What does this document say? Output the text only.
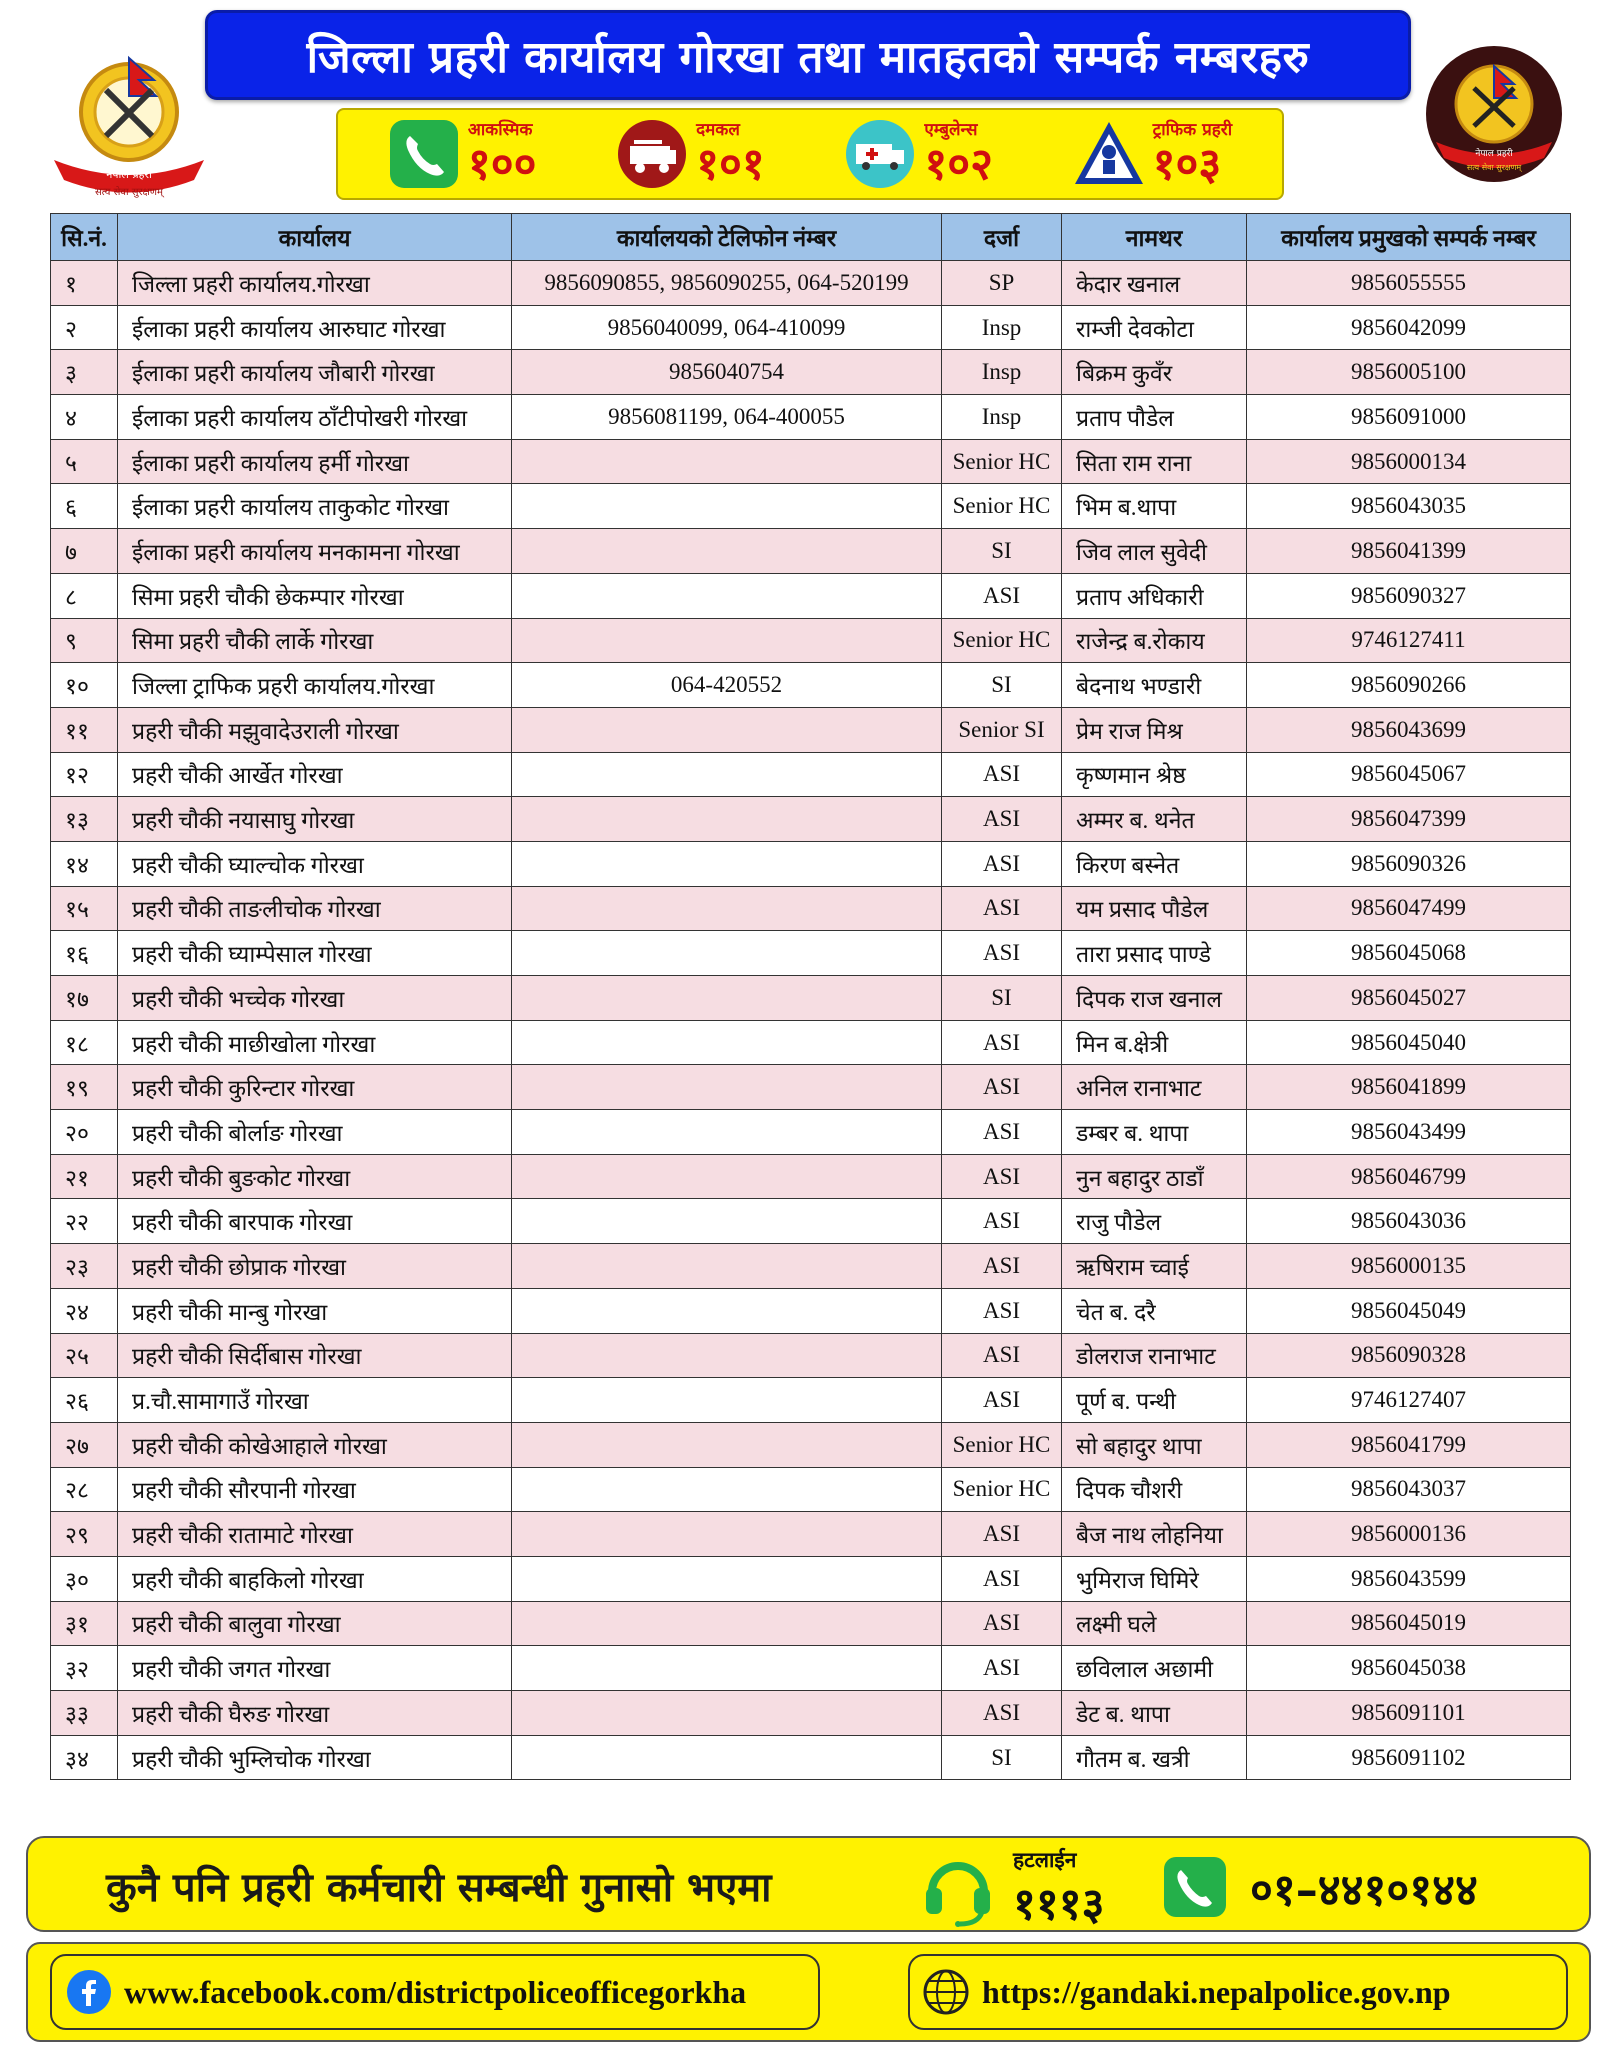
जिल्ला प्रहरी कार्यालय गोरखा तथा मातहतको सम्पर्क नम्बरहरु
नेपाल प्रहरी
सत्य सेवा सुरक्षणम्
आकस्मिक
१००
दमकल
१०१
एम्बुलेन्स
१०२
ट्राफिक प्रहरी
१०३	नेपाल प्रहरी
सत्य सेवा सुरक्षणम्
सि.नं.	कार्यालय	कार्यालयको टेलिफोन नंम्बर	दर्जा	नामथर	कार्यालय प्रमुखको सम्पर्क नम्बर
१	जिल्ला प्रहरी कार्यालय.गोरखा	9856090855, 9856090255, 064-520199	SP	केदार खनाल	9856055555
२	ईलाका प्रहरी कार्यालय आरुघाट गोरखा	9856040099, 064-410099	Insp	राम्जी देवकोटा	9856042099
३	ईलाका प्रहरी कार्यालय जौबारी गोरखा	9856040754	Insp	बिक्रम कुवँर	9856005100
४	ईलाका प्रहरी कार्यालय ठाँटीपोखरी गोरखा	9856081199, 064-400055	Insp	प्रताप पौडेल	9856091000
५	ईलाका प्रहरी कार्यालय हर्मी गोरखा		Senior HC	सिता राम राना	9856000134
६	ईलाका प्रहरी कार्यालय ताकुकोट गोरखा		Senior HC	भिम ब.थापा	9856043035
७	ईलाका प्रहरी कार्यालय मनकामना गोरखा		SI	जिव लाल सुवेदी	9856041399
८	सिमा प्रहरी चौकी छेकम्पार गोरखा		ASI	प्रताप अधिकारी	9856090327
९	सिमा प्रहरी चौकी लार्के गोरखा		Senior HC	राजेन्द्र ब.रोकाय	9746127411
१०	जिल्ला ट्राफिक प्रहरी कार्यालय.गोरखा	064-420552	SI	बेदनाथ भण्डारी	9856090266
११	प्रहरी चौकी मझुवादेउराली गोरखा		Senior SI	प्रेम राज मिश्र	9856043699
१२	प्रहरी चौकी आर्खेत गोरखा		ASI	कृष्णमान श्रेष्ठ	9856045067
१३	प्रहरी चौकी नयासाघु गोरखा		ASI	अम्मर ब. थनेत	9856047399
१४	प्रहरी चौकी घ्याल्चोक गोरखा		ASI	किरण बस्नेत	9856090326
१५	प्रहरी चौकी ताङलीचोक गोरखा		ASI	यम प्रसाद पौडेल	9856047499
१६	प्रहरी चौकी घ्याम्पेसाल गोरखा		ASI	तारा प्रसाद पाण्डे	9856045068
१७	प्रहरी चौकी भच्चेक गोरखा		SI	दिपक राज खनाल	9856045027
१८	प्रहरी चौकी माछीखोला गोरखा		ASI	मिन ब.क्षेत्री	9856045040
१९	प्रहरी चौकी कुरिन्टार गोरखा		ASI	अनिल रानाभाट	9856041899
२०	प्रहरी चौकी बोर्लाङ गोरखा		ASI	डम्बर ब. थापा	9856043499
२१	प्रहरी चौकी बुङकोट गोरखा		ASI	नुन बहादुर ठाडाँ	9856046799
२२	प्रहरी चौकी बारपाक गोरखा		ASI	राजु पौडेल	9856043036
२३	प्रहरी चौकी छोप्राक गोरखा		ASI	ऋषिराम च्वाई	9856000135
२४	प्रहरी चौकी मान्बु गोरखा		ASI	चेत ब. दरै	9856045049
२५	प्रहरी चौकी सिर्दीबास गोरखा		ASI	डोलराज रानाभाट	9856090328
२६	प्र.चौ.सामागाउँ गोरखा		ASI	पूर्ण ब. पन्थी	9746127407
२७	प्रहरी चौकी कोखेआहाले गोरखा		Senior HC	सो बहादुर थापा	9856041799
२८	प्रहरी चौकी सौरपानी गोरखा		Senior HC	दिपक चौशरी	9856043037
२९	प्रहरी चौकी रातामाटे गोरखा		ASI	बैज नाथ लोहनिया	9856000136
३०	प्रहरी चौकी बाहकिलो गोरखा		ASI	भुमिराज घिमिरे	9856043599
३१	प्रहरी चौकी बालुवा गोरखा		ASI	लक्ष्मी घले	9856045019
३२	प्रहरी चौकी जगत गोरखा		ASI	छविलाल अछामी	9856045038
३३	प्रहरी चौकी घैरुङ गोरखा		ASI	डेट ब. थापा	9856091101
३४	प्रहरी चौकी भुम्लिचोक गोरखा		SI	गौतम ब. खत्री	9856091102
कुनै पनि प्रहरी कर्मचारी सम्बन्धी गुनासो भएमा
हटलाईन
१११३	०१–४४१०१४४
www.facebook.com/districtpoliceofficegorkha	https://gandaki.nepalpolice.gov.np
